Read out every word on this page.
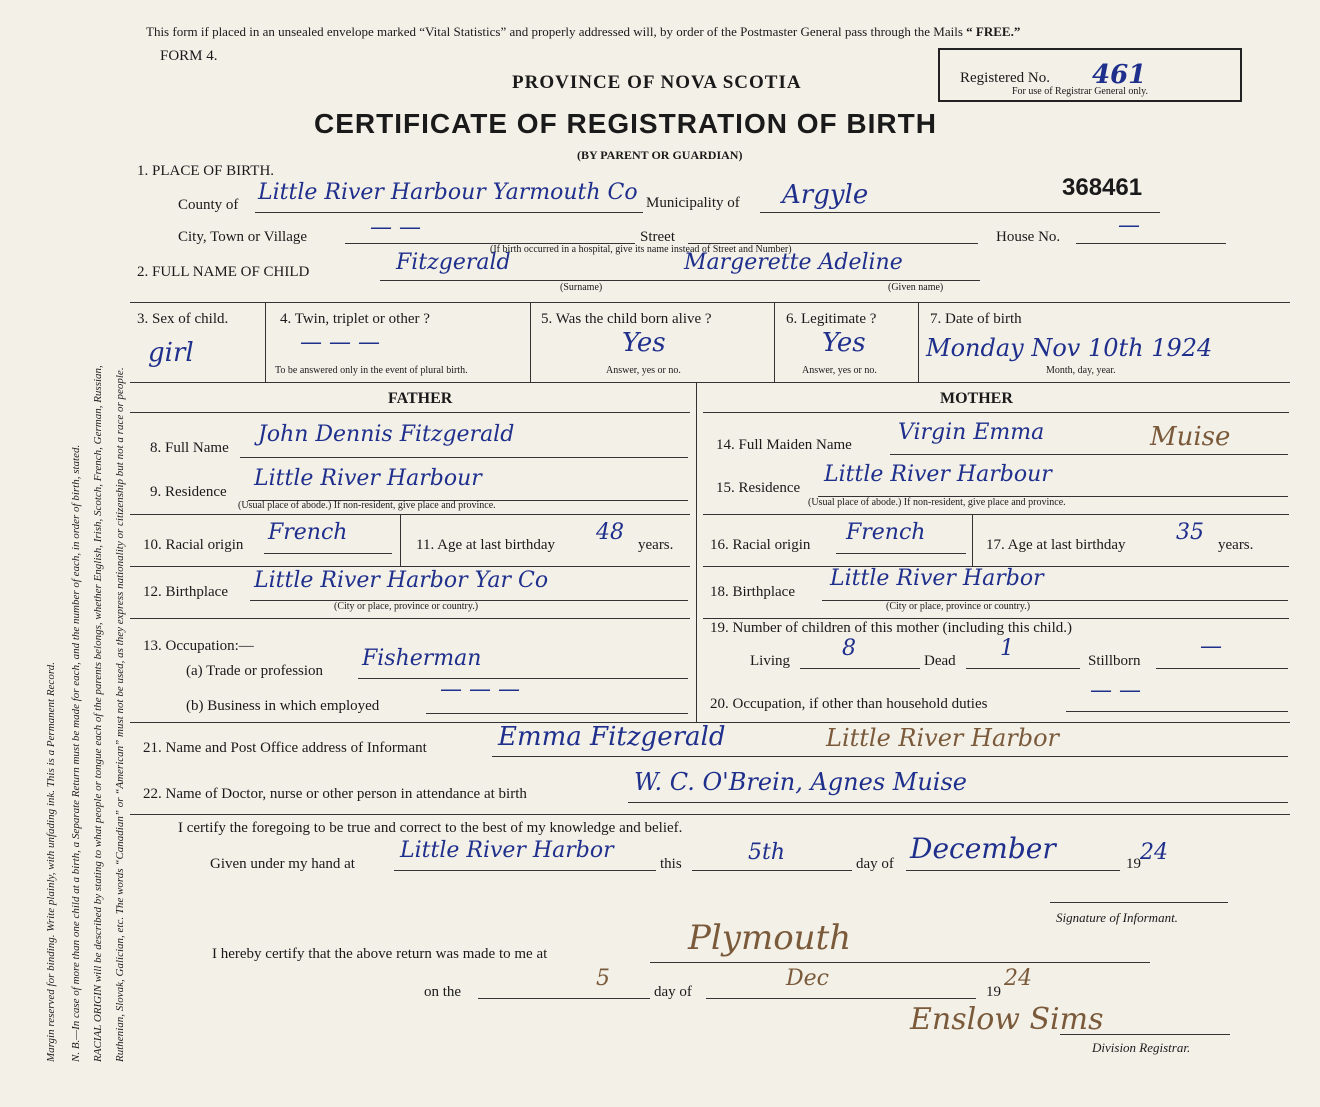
Margin reserved for binding. Write plainly, with unfading ink. This is a Permanent Record. N. B.—In case of more than one child at a birth, a Separate Return must be made for each, and the number of each, in order of birth, stated. RACIAL ORIGIN will be described by stating to what people or tongue each of the parents belongs, whether English, Irish, Scotch, French, German, Russian, Ruthenian, Slovak, Galician, etc. The words “Canadian” or “American” must not be used, as they express nationality or citizenship but not a race or people.
This form if placed in an unsealed envelope marked “Vital Statistics” and properly addressed will, by order of the Postmaster General pass through the Mails “ FREE.”
FORM 4.
PROVINCE OF NOVA SCOTIA
CERTIFICATE OF REGISTRATION OF BIRTH
(BY PARENT OR GUARDIAN)
Registered No. 461
For use of Registrar General only.
368461
1. PLACE OF BIRTH.
County of Little River Harbour Yarmouth Co Municipality of Argyle
City, Town or Village	— —	Street
(If birth occurred in a hospital, give its name instead of Street and Number)
House No.	—
2. FULL NAME OF CHILD	Fitzgerald	Margerette Adeline
(Surname)	(Given name)
3. Sex of child.
girl
4. Twin, triplet or other ?
— — —
To be answered only in the event of plural birth.
5. Was the child born alive ?
Yes
Answer, yes or no.
6. Legitimate ?
Yes
Answer, yes or no.
7. Date of birth
Monday Nov 10th 1924
Month, day, year.
FATHER	MOTHER
8. Full Name
John Dennis Fitzgerald
9. Residence
Little River Harbour
(Usual place of abode.) If non-resident, give place and province.
10. Racial origin French	11. Age at last birthday 48 years.
12. Birthplace Little River Harbor Yar Co
(City or place, province or country.)
13. Occupation:—
(a) Trade or profession Fisherman
(b) Business in which employed
— — —
14. Full Maiden Name Virgin Emma	Muise
15. Residence
Little River Harbour
(Usual place of abode.) If non-resident, give place and province.
16. Racial origin French	17. Age at last birthday 35 years.
18. Birthplace
Little River Harbor
(City or place, province or country.)
19. Number of children of this mother (including this child.)
Living 8	Dead 1	Stillborn
—
20. Occupation, if other than household duties
— —
21. Name and Post Office address of Informant	Emma Fitzgerald	Little River Harbor
22. Name of Doctor, nurse or other person in attendance at birth	W. C. O'Brein, Agnes Muise
I certify the foregoing to be true and correct to the best of my knowledge and belief.
Given under my hand at
Little River Harbor
this	5th	day of December	19 24
Signature of Informant.
I hereby certify that the above return was made to me at	Plymouth
on the
5
day of
Dec
19
24
Enslow Sims
Division Registrar.
